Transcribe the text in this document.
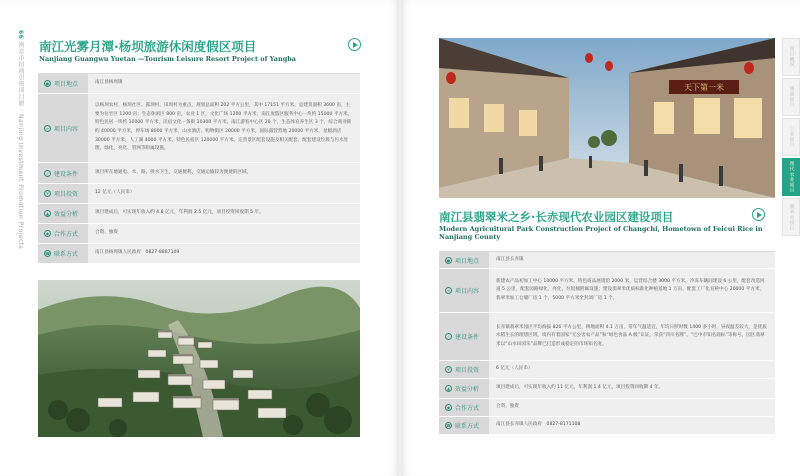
66 南京市招商引资项目册 · Nanjing Investment Promotion Projects 南江光雾月潭·杨坝旅游休闲度假区项目
Nanjiang Guangwu Yuetan —Tourism Leisure Resort Project of Yangba
● 项目地点	南江县杨坝镇
≡ 项目内容
以杨坝农村、杨坝社区、露坝村、田坝村为重点，规划总面积 202 平方公里，其中 17151 平方米，总建筑面积 3600 亩，主要为住宅区 1200 亩；生态休闲区 800 亩，农业 1 区，文化广场 1200 平方米，南江度假区服务中心一块约 15000 平方米，特色民居一块约 10000 平方米，民宿文化一条街 10300 平方米，南江游客中心区 20 个，生态体育养生区 3 个，综合商业街约 40000 平方米，停车场 8000 平方米，山水酒店，购物街区 20000 平方米，国际露营营地 20000 平方米，星级酒店 30000 平方米，人工湖 4000 平方米，特色民宿区 120000 平方米，完善景区配套设施及相关配套，配套建设垃圾与污水处理、绿化、亮化、管网等附属设施。
✓ 建设条件	项目所在地通电、水、路，供水卫生，交通便利，交通运输较为便捷的区域。
¥ 项目投资	12 亿元（人民币）
▲ 效益分析	项目建成后，可实现年收入约 4.8 亿元，年利润 2.5 亿元，项目投资回收期 5 年。
◆ 合作方式	合资、独资
☎ 联系方式	南江县杨坝镇人民政府　0827-8887109
天下第一米
南江县翡翠米之乡·长赤现代农业园区建设项目
Modern Agricultural Park Construction Project of Changchi, Hometown of Feicui Rice in Nanjiang County
● 项目地点	南江县长赤镇
≡ 项目内容
新建农产品初加工中心 10000 平方米，特色商品展销馆 2000 米，运营综合楼 3000 平方米，冷冻车辆间建设 6 公里，配套改造河道 5 公里，配套园路绿化、亮化、垃圾桶附属设施；建设翡翠米优质标准化种植基地 1 万亩，配套工厂化育秧中心 20000 平方米，翡翠米加工仓储厂房 1 个，5000 平方米全封闭厂房 1 个。
✓ 建设条件
长赤镇翡翠米园区平均海拔 826 平方公里，耕地面积 4.1 万亩，常年气温适宜，年均日照时数 1400 多小时，昼夜温差较大，是优质水稻生长的理想区域，境内有着国家“无公害农产品”和“绿色食品 A 级”认证，荣获“四川名牌”、“巴中市知名商标”等称号，园区翡翠米以“山水田园乐”品牌已打造形成稳定的市场知名度。
¥ 项目投资	6 亿元（人民币）
▲ 效益分析	项目建成后，可实现年收入约 11 亿元，年利润 1.4 亿元，项目投资回收期 4 年。
◆ 合作方式	合资、独资
☎ 联系方式	南江县长赤镇人民政府　0827-8171108
项目概况
旅游项目
工业项目
现代农业项目
服务业项目
